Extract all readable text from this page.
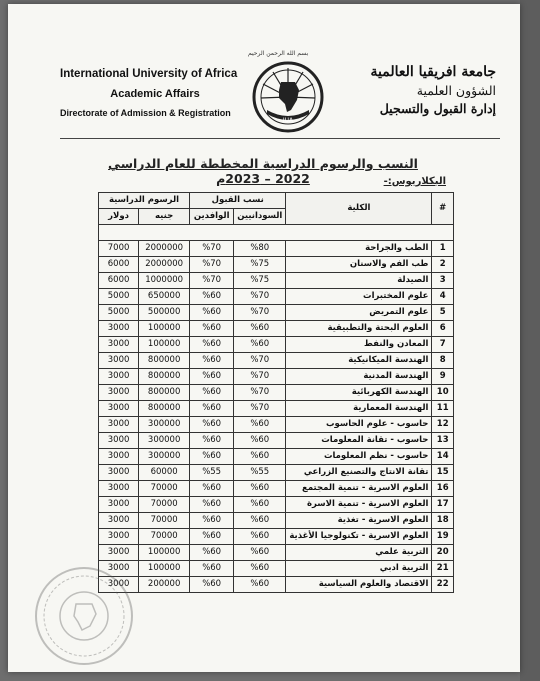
International University of Africa
Academic Affairs
Directorate of Admission & Registration
بسم الله الرحمن الرحيم
IUA
جامعة افريقيا العالمية
الشؤون العلمية
إدارة القبول والتسجيل
النسب والرسوم الدراسية المخططة للعام الدراسي 2022 – 2023م	البكلاريوس:-
#	الكلية	نسب القبول		الرسوم الدراسية	
		السودانيين	الوافدين	جنيه	دولار

1	الطب والجراحة	%80	%70	2000000	7000
2	طب الفم والاسنان	%75	%70	2000000	6000
3	الصيدلة	%75	%70	1000000	6000
4	علوم المختبرات	%70	%60	650000	5000
5	علوم التمريض	%70	%60	500000	5000
6	العلوم البحتة والتطبيقية	%60	%60	100000	3000
7	المعادن والنفط	%60	%60	100000	3000
8	الهندسة الميكانيكية	%70	%60	800000	3000
9	الهندسة المدنية	%70	%60	800000	3000
10	الهندسة الكهربائية	%70	%60	800000	3000
11	الهندسة المعمارية	%70	%60	800000	3000
12	حاسوب - علوم الحاسوب	%60	%60	300000	3000
13	حاسوب - تقانة المعلومات	%60	%60	300000	3000
14	حاسوب - نظم المعلومات	%60	%60	300000	3000
15	تقانة الانتاج والتصنيع الزراعي	%55	%55	60000	3000
16	العلوم الاسرية - تنمية المجتمع	%60	%60	70000	3000
17	العلوم الاسرية - تنمية الاسرة	%60	%60	70000	3000
18	العلوم الاسرية - تغذية	%60	%60	70000	3000
19	العلوم الاسرية - تكنولوجيا الأغذية	%60	%60	70000	3000
20	التربية علمي	%60	%60	100000	3000
21	التربية ادبي	%60	%60	100000	3000
22	الاقتصاد والعلوم السياسية	%60	%60	200000	3000
